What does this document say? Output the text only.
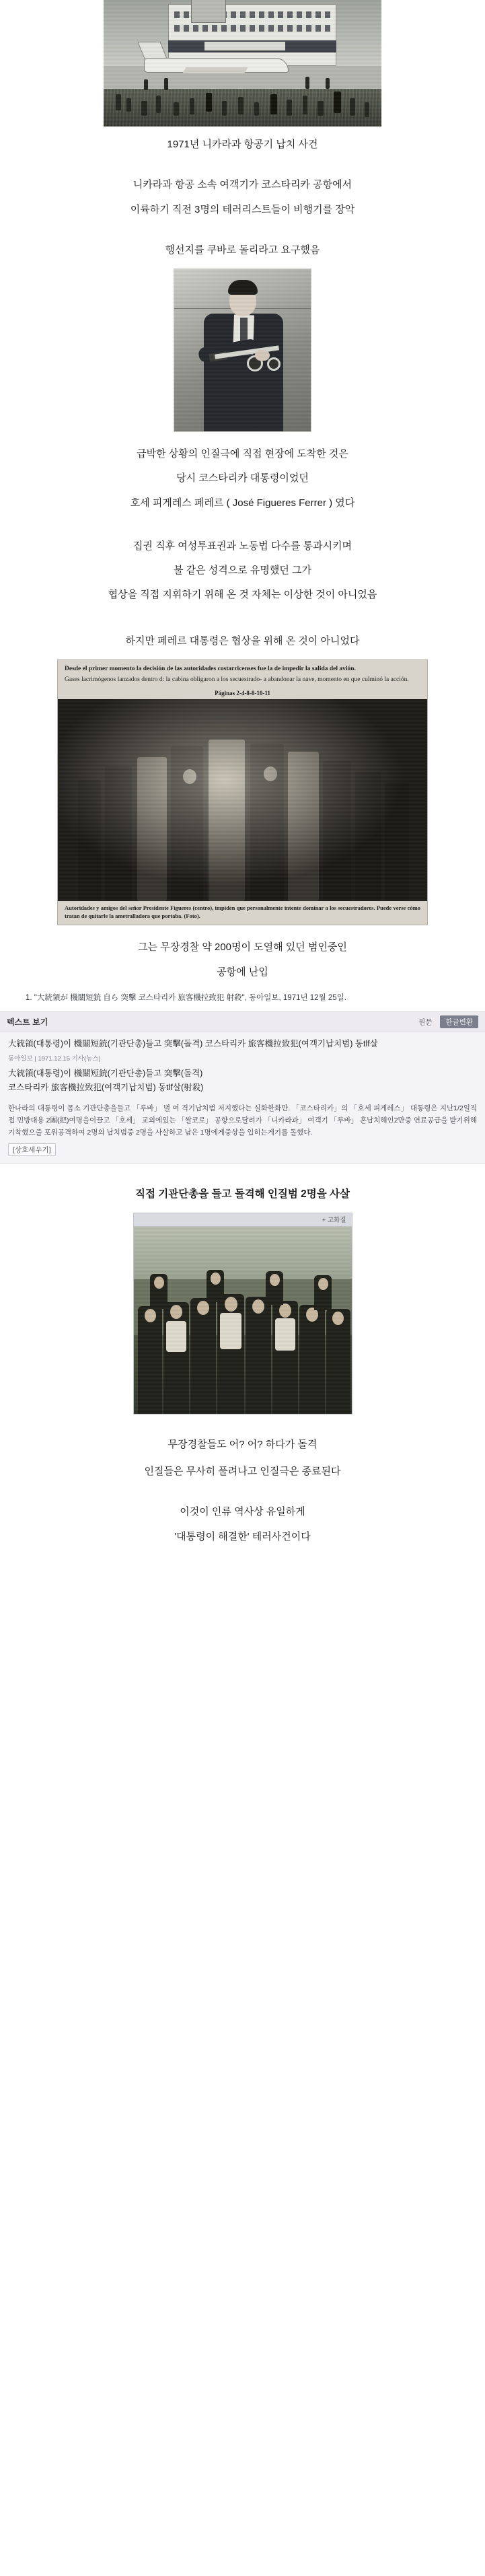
1971년 니카라과 항공기 납치 사건
니카라과 항공 소속 여객기가 코스타리카 공항에서
이륙하기 직전 3명의 테러리스트들이 비행기를 장악
행선지를 쿠바로 돌리라고 요구했음
급박한 상황의 인질극에 직접 현장에 도착한 것은
당시 코스타리카 대통령이었던
호세 피게레스 페레르 ( José Figueres Ferrer ) 였다
집권 직후 여성투표권과 노동법 다수를 통과시키며
불 같은 성격으로 유명했던 그가
협상을 직접 지휘하기 위해 온 것 자체는 이상한 것이 아니었음
하지만 페레르 대통령은 협상을 위해 온 것이 아니었다

Desde el primer momento la decisión de las autoridades costarricenses fue la de impedir la salida del avión.

Gases lacrimógenos lanzados dentro d: la cabina obligaron a los secuestrado- a abandonar la nave, momento en que culminó la acción.

Páginas 2-4-8-8-10-11
Autoridades y amigos del señor Presidente Figueres (centro), impiden que personalmente intente dominar a los secuestradores. Puede verse cómo tratan de quitarle la ametralladora que portaba. (Foto).
그는 무장경찰 약 200명이 도열해 있던 범인중인
공항에 난입
1. "大統領が 機關短銃 自ら 突擊 코스타리카 旅客機拉致犯 射殺", 동아일보, 1971년 12월 25일.
텍스트 보기	원문	한글변환
大統領(대통령)이 機關短銃(기관단총)들고 突擊(돌격) 코스타리카 旅客機拉致犯(여객기납치범) 동tlf살
동아일보 | 1971.12.15 기사(뉴스)
大統領(대통령)이 機關短銃(기관단총)들고 突擊(돌격)
코스타리카 旅客機拉致犯(여객기납치범) 동tlf살(射殺)
한나라의 대통령이 몸소 기관단총을들고 「루바」 벌 여 격기납치범 저지했다는 실화한화만. 「코스타리카」의 「호세 피게레스」 대통령은 지난1/2일직접 민방대용 2團(把)여명을이끌고 「호세」 교외에있는 「쌀코로」 공항으로달려가 「니카라과」 여객기 「루바」 혼납치해인2만중 연료공급을 받기위해 기착했으줄 포위공격하여 2명의 납치범중 2명을 사살하고 남은 1명에게중상을 입히는게기를 돌했다.
[상호세우기]
직접 기관단총을 들고 돌격해 인질범 2명을 사살
+ 고화질
무장경찰들도 어? 어? 하다가 돌격
인질들은 무사히 풀려나고 인질극은 종료된다
이것이 인류 역사상 유일하게
'대통령이 해결한' 테러사건이다
